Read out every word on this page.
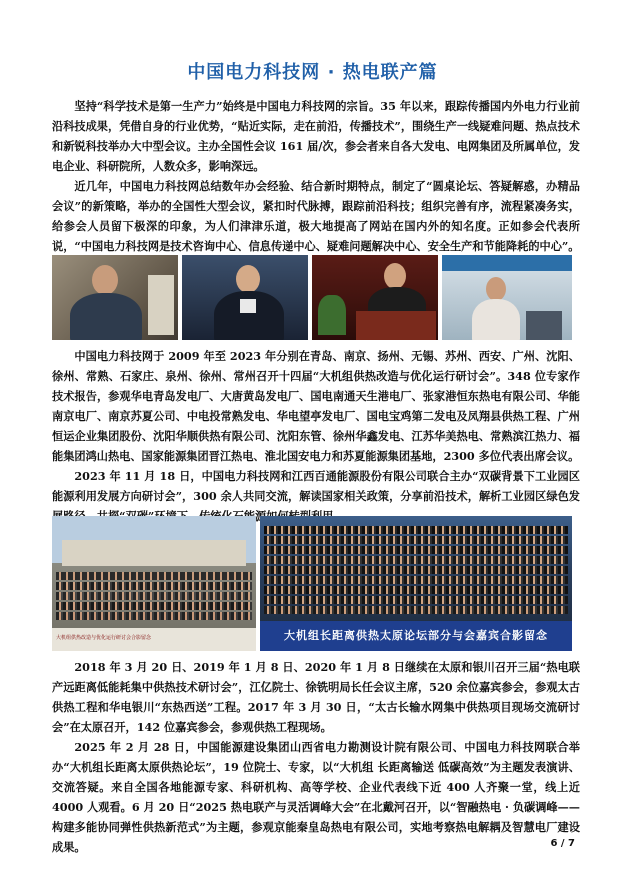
中国电力科技网 · 热电联产篇

坚持“科学技术是第一生产力”始终是中国电力科技网的宗旨。35 年以来，跟踪传播国内外电力行业前沿科技成果，凭借自身的行业优势，“贴近实际，走在前沿，传播技术”，围绕生产一线疑难问题、热点技术和新锐科技举办大中型会议。主办全国性会议 161 届/次，参会者来自各大发电、电网集团及所属单位，发电企业、科研院所，人数众多，影响深远。

近几年，中国电力科技网总结数年办会经验、结合新时期特点，制定了“圆桌论坛、答疑解惑，办精品会议”的新策略，举办的全国性大型会议，紧扣时代脉搏，跟踪前沿科技；组织完善有序，流程紧凑务实，给参会人员留下极深的印象，为人们津津乐道，极大地提高了网站在国内外的知名度。正如参会代表所说，“中国电力科技网是技术咨询中心、信息传递中心、疑难问题解决中心、安全生产和节能降耗的中心”。

中国电力科技网于 2009 年至 2023 年分别在青岛、南京、扬州、无锡、苏州、西安、广州、沈阳、徐州、常熟、石家庄、泉州、徐州、常州召开十四届“大机组供热改造与优化运行研讨会”。348 位专家作技术报告，参观华电青岛发电厂、大唐黄岛发电厂、国电南通天生港电厂、张家港恒东热电有限公司、华能南京电厂、南京苏夏公司、中电投常熟发电、华电望亭发电厂、国电宝鸡第二发电及凤翔县供热工程、广州恒运企业集团股份、沈阳华顺供热有限公司、沈阳东管、徐州华鑫发电、江苏华美热电、常熟滨江热力、福能集团鸿山热电、国家能源集团晋江热电、淮北国安电力和苏夏能源集团基地，2300 多位代表出席会议。

2023 年 11 月 18 日，中国电力科技网和江西百通能源股份有限公司联合主办“双碳背景下工业园区能源利用发展方向研讨会”，300 余人共同交流，解读国家相关政策，分享前沿技术，解析工业园区绿色发

大机组供热改造与优化运行研讨会合影留念	大机组长距离供热太原论坛部分与会嘉宾合影留念

2018 年 3 月 20 日、2019 年 1 月 8 日、2020 年 1 月 8 日继续在太原和银川召开三届“热电联产远距离低能耗集中供热技术研讨会”，江亿院士、徐铣明局长任会议主席，520 余位嘉宾参会，参观太古供热工程和华电银川“东热西送”工程。2017 年 3 月 30 日，“太古长输水网集中供热项目现场交流研讨会”在太原召开，142 位嘉宾参会，参观供热工程现场。

2025 年 2 月 28 日，中国能源建设集团山西省电力勘测设计院有限公司、中国电力科技网联合举办“大机组长距离太原供热论坛”，19 位院士、专家，以“大机组 长距离输送 低碳高效”为主题发表演讲、交流答疑。来自全国各地能源专家、科研机构、高等学校、企业代表线下近 400 人齐聚一堂，线上近 4000 人观看。6 月 20 日“2025 热电联产与灵活调峰大会”在北戴河召开，以“智融热电 · 负碳调峰——构建多能协同弹性供热新范式”为主题，参观京能秦皇岛热电有限公司，实地考察热电解耦及智慧电厂建设成果。	6 / 7
